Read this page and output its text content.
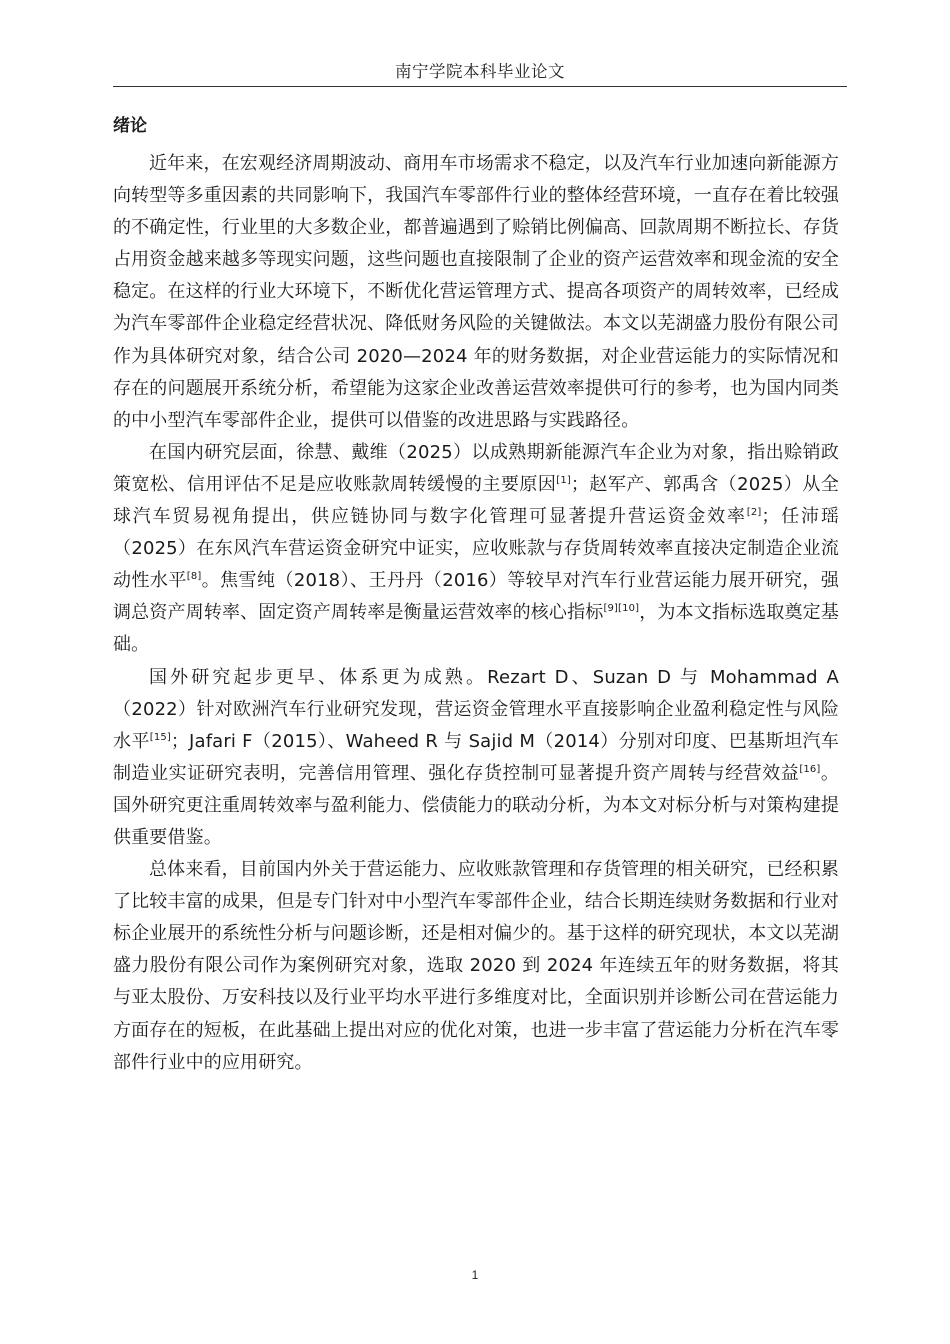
南宁学院本科毕业论文
绪论

近年来，在宏观经济周期波动、商用车市场需求不稳定，以及汽车行业加速向新能源方向转型等多重因素的共同影响下，我国汽车零部件行业的整体经营环境，一直存在着比较强的不确定性，行业里的大多数企业，都普遍遇到了赊销比例偏高、回款周期不断拉长、存货占用资金越来越多等现实问题，这些问题也直接限制了企业的资产运营效率和现金流的安全稳定。在这样的行业大环境下，不断优化营运管理方式、提高各项资产的周转效率，已经成为汽车零部件企业稳定经营状况、降低财务风险的关键做法。本文以芜湖盛力股份有限公司作为具体研究对象，结合公司 2020—2024 年的财务数据，对企业营运能力的实际情况和存在的问题展开系统分析，希望能为这家企业改善运营效率提供可行的参考，也为国内同类的中小型汽车零部件企业，提供可以借鉴的改进思路与实践路径。

在国内研究层面，徐慧、戴维（2025）以成熟期新能源汽车企业为对象，指出赊销政策宽松、信用评估不足是应收账款周转缓慢的主要原因[1]；赵军产、郭禹含（2025）从全球汽车贸易视角提出，供应链协同与数字化管理可显著提升营运资金效率[2]；任沛瑶（2025）在东风汽车营运资金研究中证实，应收账款与存货周转效率直接决定制造企业流动性水平[8]。焦雪纯（2018）、王丹丹（2016）等较早对汽车行业营运能力展开研究，强调总资产周转率、固定资产周转率是衡量运营效率的核心指标[9][10]，为本文指标选取奠定基础。

国外研究起步更早、体系更为成熟。Rezart D、Suzan D 与 Mohammad A（2022）针对欧洲汽车行业研究发现，营运资金管理水平直接影响企业盈利稳定性与风险水平[15]；Jafari F（2015）、Waheed R 与 Sajid M（2014）分别对印度、巴基斯坦汽车制造业实证研究表明，完善信用管理、强化存货控制可显著提升资产周转与经营效益[16]。国外研究更注重周转效率与盈利能力、偿债能力的联动分析，为本文对标分析与对策构建提供重要借鉴。

总体来看，目前国内外关于营运能力、应收账款管理和存货管理的相关研究，已经积累了比较丰富的成果，但是专门针对中小型汽车零部件企业，结合长期连续财务数据和行业对标企业展开的系统性分析与问题诊断，还是相对偏少的。基于这样的研究现状，本文以芜湖盛力股份有限公司作为案例研究对象，选取 2020 到 2024 年连续五年的财务数据，将其与亚太股份、万安科技以及行业平均水平进行多维度对比，全面识别并诊断公司在营运能力方面存在的短板，在此基础上提出对应的优化对策，也进一步丰富了营运能力分析在汽车零部件行业中的应用研究。

1
